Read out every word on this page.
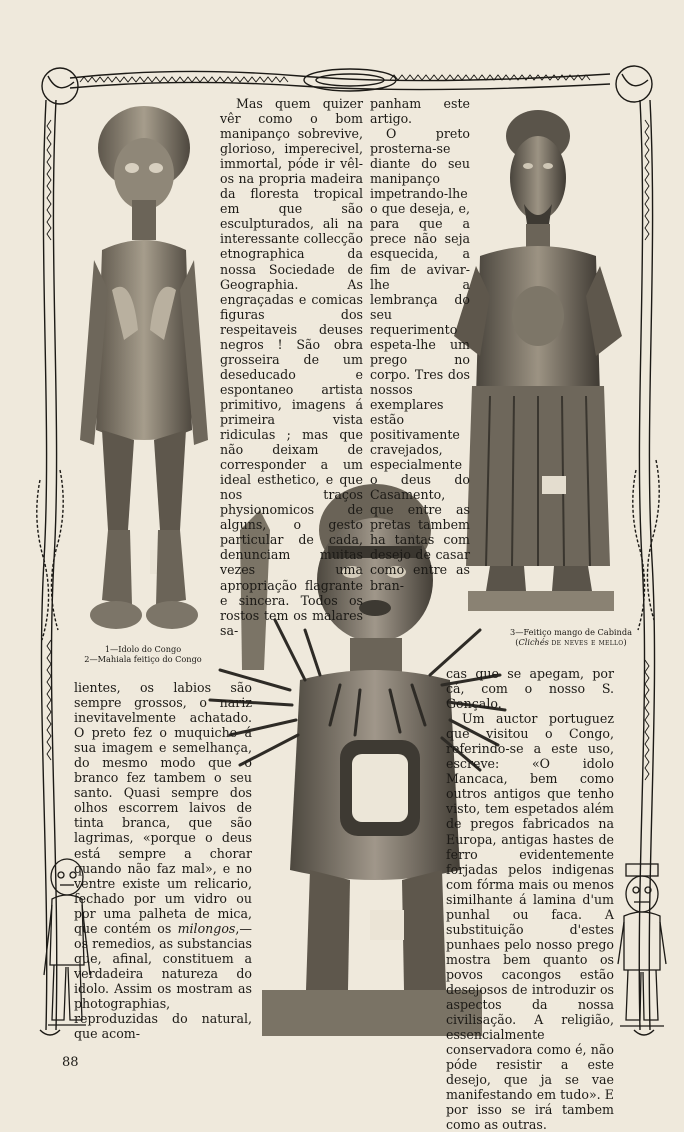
Mas quem quizer vêr como o bom manipanço sobrevive, glorioso, imperecivel, immortal, póde ir vêl-os na propria madeira da floresta tropical em que são esculpturados, ali na interessante collecção etnographica da nossa Sociedade de Geographia. As engraçadas e comicas figuras dos respeitaveis deuses negros ! São obra grosseira de um deseducado e espontaneo artista primitivo, imagens á primeira vista ridiculas ; mas que não deixam de corresponder a um ideal esthetico, e que nos traços physionomicos de alguns, o gesto particular de cada, denunciam muitas vezes uma apropriação flagrante e sincera. Todos os rostos tem os malares sa-

panham este artigo.

O preto prosterna-se diante do seu manipanço impetrando-lhe o que deseja, e, para que a prece não seja esquecida, a fim de avivar-lhe a lembrança do seu requerimento espeta-lhe um prego no corpo. Tres dos nossos exemplares estão positivamente cravejados, especialmente o deus do Casamento, que entre as pretas tambem ha tantas com desejo de casar como entre as bran-

lientes, os labios são sempre grossos, o nariz inevitavelmente achatado. O preto fez o muquiche á sua imagem e semelhança, do mesmo modo que o branco fez tambem o seu santo. Quasi sempre dos olhos escorrem laivos de tinta branca, que são lagrimas, «porque o deus está sempre a chorar quando não faz mal», e no ventre existe um relicario, fechado por um vidro ou por uma palheta de mica, que contém os milongos,— os remedios, as substancias que, afinal, constituem a verdadeira natureza do idolo. Assim os mostram as photographias, reproduzidas do natural, que acom-

cas que se apegam, por cá, com o nosso S. Gonçalo.

Um auctor portuguez que visitou o Congo, referindo-se a este uso, escreve: «O idolo Mancaca, bem como outros antigos que tenho visto, tem espetados além de pregos fabricados na Europa, antigas hastes de ferro evidentemente forjadas pelos indigenas com fórma mais ou menos similhante á lamina d'um punhal ou faca. A substituição d'estes punhaes pelo nosso prego mostra bem quanto os povos cacongos estão desejosos de introduzir os aspectos da nossa civilisação. A religião, essencialmente conservadora como é, não póde resistir a este desejo, que ja se vae manifestando em tudo». E por isso se irá tambem como as outras.

1—Idolo do Congo
2—Mahiala feitiço do Congo
3—Feitiço mango de Cabinda
(Clichés de neves e mello)
88
